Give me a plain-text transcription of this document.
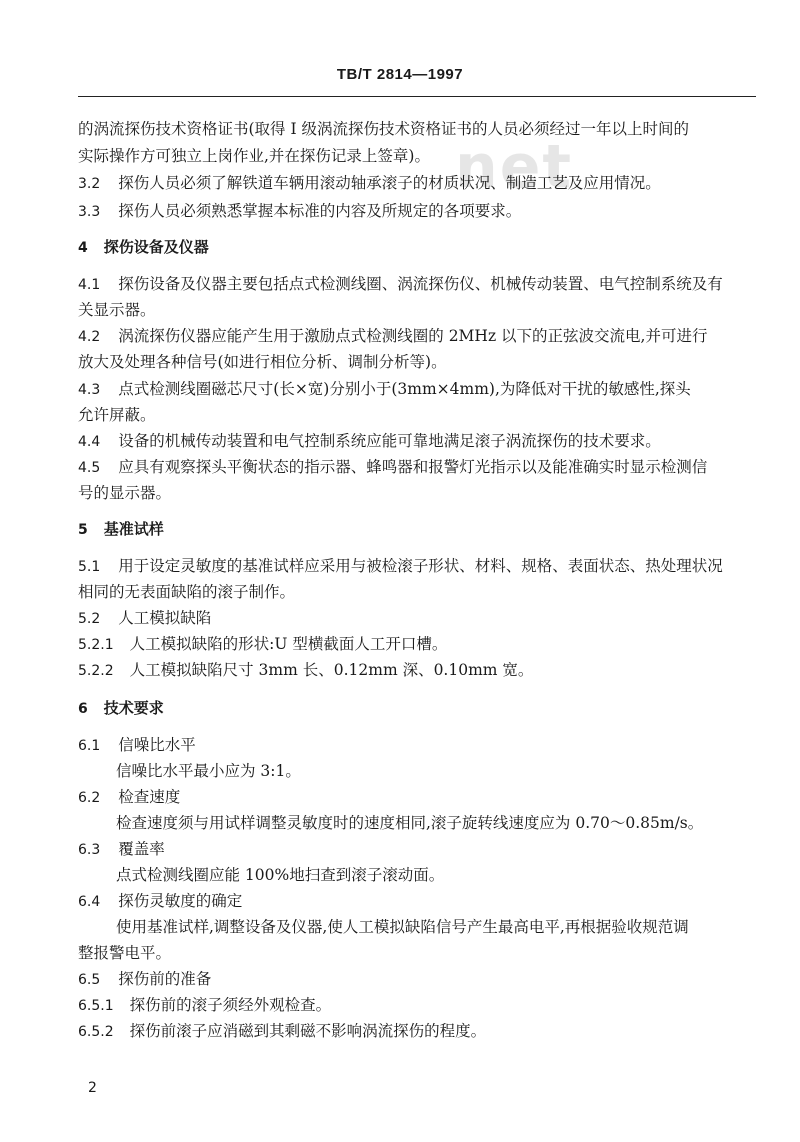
net
TB/T 2814—1997
的涡流探伤技术资格证书(取得 I 级涡流探伤技术资格证书的人员必须经过一年以上时间的
实际操作方可独立上岗作业,并在探伤记录上签章)。
3.2 探伤人员必须了解铁道车辆用滚动轴承滚子的材质状况、制造工艺及应用情况。
3.3 探伤人员必须熟悉掌握本标准的内容及所规定的各项要求。
4 探伤设备及仪器
4.1 探伤设备及仪器主要包括点式检测线圈、涡流探伤仪、机械传动装置、电气控制系统及有
关显示器。
4.2 涡流探伤仪器应能产生用于激励点式检测线圈的 2MHz 以下的正弦波交流电,并可进行
放大及处理各种信号(如进行相位分析、调制分析等)。
4.3 点式检测线圈磁芯尺寸(长×宽)分别小于(3mm×4mm),为降低对干扰的敏感性,探头
允许屏蔽。
4.4 设备的机械传动装置和电气控制系统应能可靠地满足滚子涡流探伤的技术要求。
4.5 应具有观察探头平衡状态的指示器、蜂鸣器和报警灯光指示以及能准确实时显示检测信
号的显示器。
5 基准试样
5.1 用于设定灵敏度的基准试样应采用与被检滚子形状、材料、规格、表面状态、热处理状况
相同的无表面缺陷的滚子制作。
5.2 人工模拟缺陷
5.2.1 人工模拟缺陷的形状:U 型横截面人工开口槽。
5.2.2 人工模拟缺陷尺寸 3mm 长、0.12mm 深、0.10mm 宽。
6 技术要求
6.1 信噪比水平
信噪比水平最小应为 3:1。
6.2 检查速度
检查速度须与用试样调整灵敏度时的速度相同,滚子旋转线速度应为 0.70～0.85m/s。
6.3 覆盖率
点式检测线圈应能 100%地扫查到滚子滚动面。
6.4 探伤灵敏度的确定
使用基准试样,调整设备及仪器,使人工模拟缺陷信号产生最高电平,再根据验收规范调
整报警电平。
6.5 探伤前的准备
6.5.1 探伤前的滚子须经外观检查。
6.5.2 探伤前滚子应消磁到其剩磁不影响涡流探伤的程度。
2
